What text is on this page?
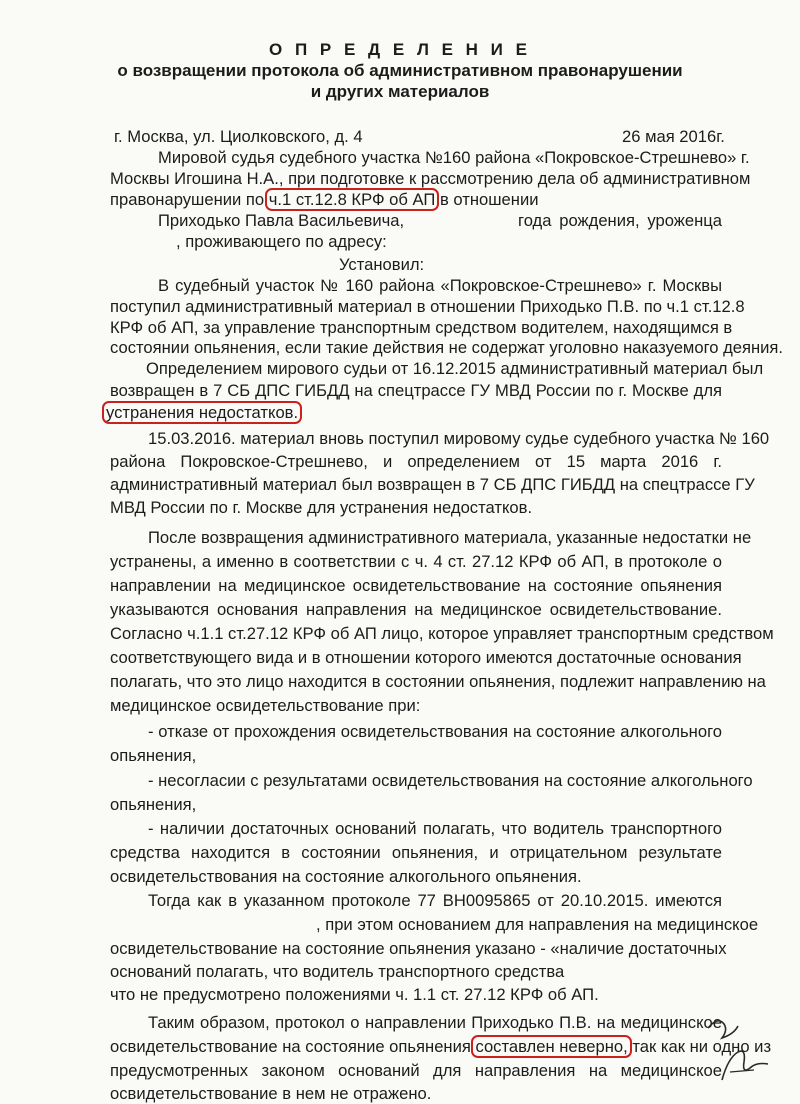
О П Р Е Д Е Л Е Н И Е
о возвращении протокола об административном правонарушении
и других материалов
г. Москва, ул. Циолковского, д. 4	26 мая 2016г.
Мировой судья судебного участка №160 района «Покровское-Стрешнево» г.
Москвы Игошина Н.А., при подготовке к рассмотрению дела об административном
правонарушении по ч.1 ст.12.8 КРФ об АП в отношении
Приходько Павла Васильевича,	года рождения, уроженца
, проживающего по адресу:
Установил:
В судебный участок № 160 района «Покровское-Стрешнево» г. Москвы
поступил административный материал в отношении Приходько П.В. по ч.1 ст.12.8
КРФ об АП, за управление транспортным средством водителем, находящимся в
состоянии опьянения, если такие действия не содержат уголовно наказуемого деяния.
Определением мирового судьи от 16.12.2015 административный материал был
возвращен в 7 СБ ДПС ГИБДД на спецтрассе ГУ МВД России по г. Москве для
устранения недостатков.
15.03.2016. материал вновь поступил мировому судье судебного участка № 160
района Покровское-Стрешнево, и определением от 15 марта 2016 г.
административный материал был возвращен в 7 СБ ДПС ГИБДД на спецтрассе ГУ
МВД России по г. Москве для устранения недостатков.
После возвращения административного материала, указанные недостатки не
устранены, а именно в соответствии с ч. 4 ст. 27.12 КРФ об АП, в протоколе о
направлении на медицинское освидетельствование на состояние опьянения
указываются основания направления на медицинское освидетельствование.
Согласно ч.1.1 ст.27.12 КРФ об АП лицо, которое управляет транспортным средством
соответствующего вида и в отношении которого имеются достаточные основания
полагать, что это лицо находится в состоянии опьянения, подлежит направлению на
медицинское освидетельствование при:
- отказе от прохождения освидетельствования на состояние алкогольного
опьянения,
- несогласии с результатами освидетельствования на состояние алкогольного
опьянения,
- наличии достаточных оснований полагать, что водитель транспортного
средства находится в состоянии опьянения, и отрицательном результате
освидетельствования на состояние алкогольного опьянения.
Тогда как в указанном протоколе 77 ВН0095865 от 20.10.2015. имеются
, при этом основанием для направления на медицинское
освидетельствование на состояние опьянения указано - «наличие достаточных
оснований полагать, что водитель транспортного средства
что не предусмотрено положениями ч. 1.1 ст. 27.12 КРФ об АП.
Таким образом, протокол о направлении Приходько П.В. на медицинское
освидетельствование на состояние опьянения составлен неверно, так как ни одно из
предусмотренных законом оснований для направления на медицинское
освидетельствование в нем не отражено.
